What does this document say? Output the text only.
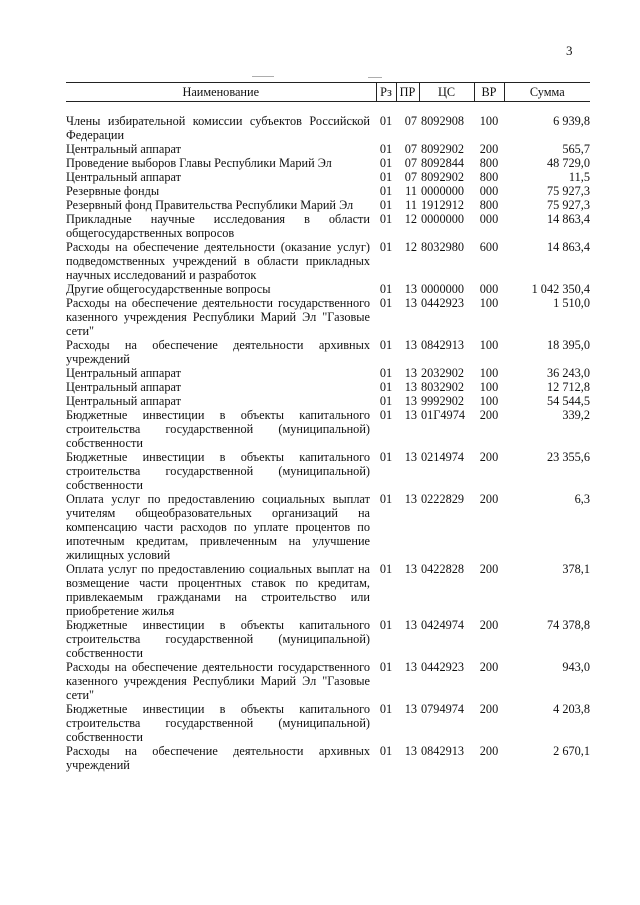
3
Наименование	Рз	ПР	ЦС	ВР	Сумма
Члены избирательной комиссии субъектов Российской Федерации	01	07	8092908	100	6 939,8
Центральный аппарат	01	07	8092902	200	565,7
Проведение выборов Главы Республики Марий Эл	01	07	8092844	800	48 729,0
Центральный аппарат	01	07	8092902	800	11,5
Резервные фонды	01	11	0000000	000	75 927,3
Резервный фонд Правительства Республики Марий Эл	01	11	1912912	800	75 927,3
Прикладные научные исследования в области общегосударственных вопросов	01	12	0000000	000	14 863,4
Расходы на обеспечение деятельности (оказание услуг) подведомственных учреждений в области прикладных научных исследований и разработок	01	12	8032980	600	14 863,4
Другие общегосударственные вопросы	01	13	0000000	000	1 042 350,4
Расходы на обеспечение деятельности государственного казенного учреждения Республики Марий Эл "Газовые сети"	01	13	0442923	100	1 510,0
Расходы на обеспечение деятельности архивных учреждений	01	13	0842913	100	18 395,0
Центральный аппарат	01	13	2032902	100	36 243,0
Центральный аппарат	01	13	8032902	100	12 712,8
Центральный аппарат	01	13	9992902	100	54 544,5
Бюджетные инвестиции в объекты капитального строительства государственной (муниципальной) собственности	01	13	01Г4974	200	339,2
Бюджетные инвестиции в объекты капитального строительства государственной (муниципальной) собственности	01	13	0214974	200	23 355,6
Оплата услуг по предоставлению социальных выплат учителям общеобразовательных организаций на компенсацию части расходов по уплате процентов по ипотечным кредитам, привлеченным на улучшение жилищных условий	01	13	0222829	200	6,3
Оплата услуг по предоставлению социальных выплат на возмещение части процентных ставок по кредитам, привлекаемым гражданами на строительство или приобретение жилья	01	13	0422828	200	378,1
Бюджетные инвестиции в объекты капитального строительства государственной (муниципальной) собственности	01	13	0424974	200	74 378,8
Расходы на обеспечение деятельности государственного казенного учреждения Республики Марий Эл "Газовые сети"	01	13	0442923	200	943,0
Бюджетные инвестиции в объекты капитального строительства государственной (муниципальной) собственности	01	13	0794974	200	4 203,8
Расходы на обеспечение деятельности архивных учреждений	01	13	0842913	200	2 670,1
